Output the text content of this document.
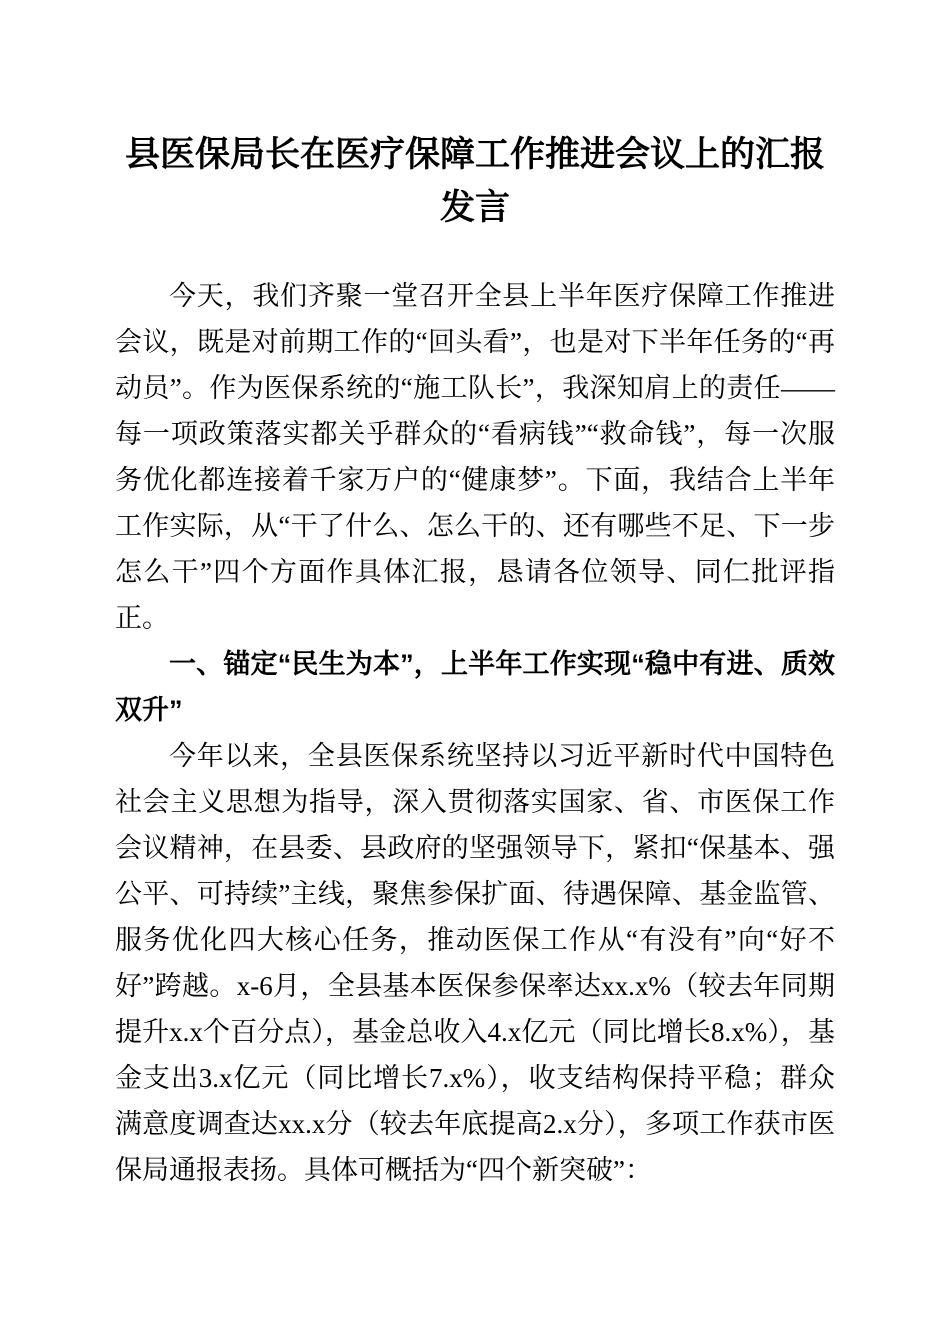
县医保局长在医疗保障工作推进会议上的汇报发言

今天，我们齐聚一堂召开全县上半年医疗保障工作推进会议，既是对前期工作的“回头看”，也是对下半年任务的“再动员”。作为医保系统的“施工队长”，我深知肩上的责任——每一项政策落实都关乎群众的“看病钱”“救命钱”，每一次服务优化都连接着千家万户的“健康梦”。下面，我结合上半年工作实际，从“干了什么、怎么干的、还有哪些不足、下一步怎么干”四个方面作具体汇报，恳请各位领导、同仁批评指正。

一、锚定“民生为本”，上半年工作实现“稳中有进、质效双升”

今年以来，全县医保系统坚持以习近平新时代中国特色社会主义思想为指导，深入贯彻落实国家、省、市医保工作会议精神，在县委、县政府的坚强领导下，紧扣“保基本、强公平、可持续”主线，聚焦参保扩面、待遇保障、基金监管、服务优化四大核心任务，推动医保工作从“有没有”向“好不好”跨越。x-6月，全县基本医保参保率达xx.x%（较去年同期提升x.x个百分点），基金总收入4.x亿元（同比增长8.x%），基金支出3.x亿元（同比增长7.x%），收支结构保持平稳；群众满意度调查达xx.x分（较去年底提高2.x分），多项工作获市医保局通报表扬。具体可概括为“四个新突破”：
